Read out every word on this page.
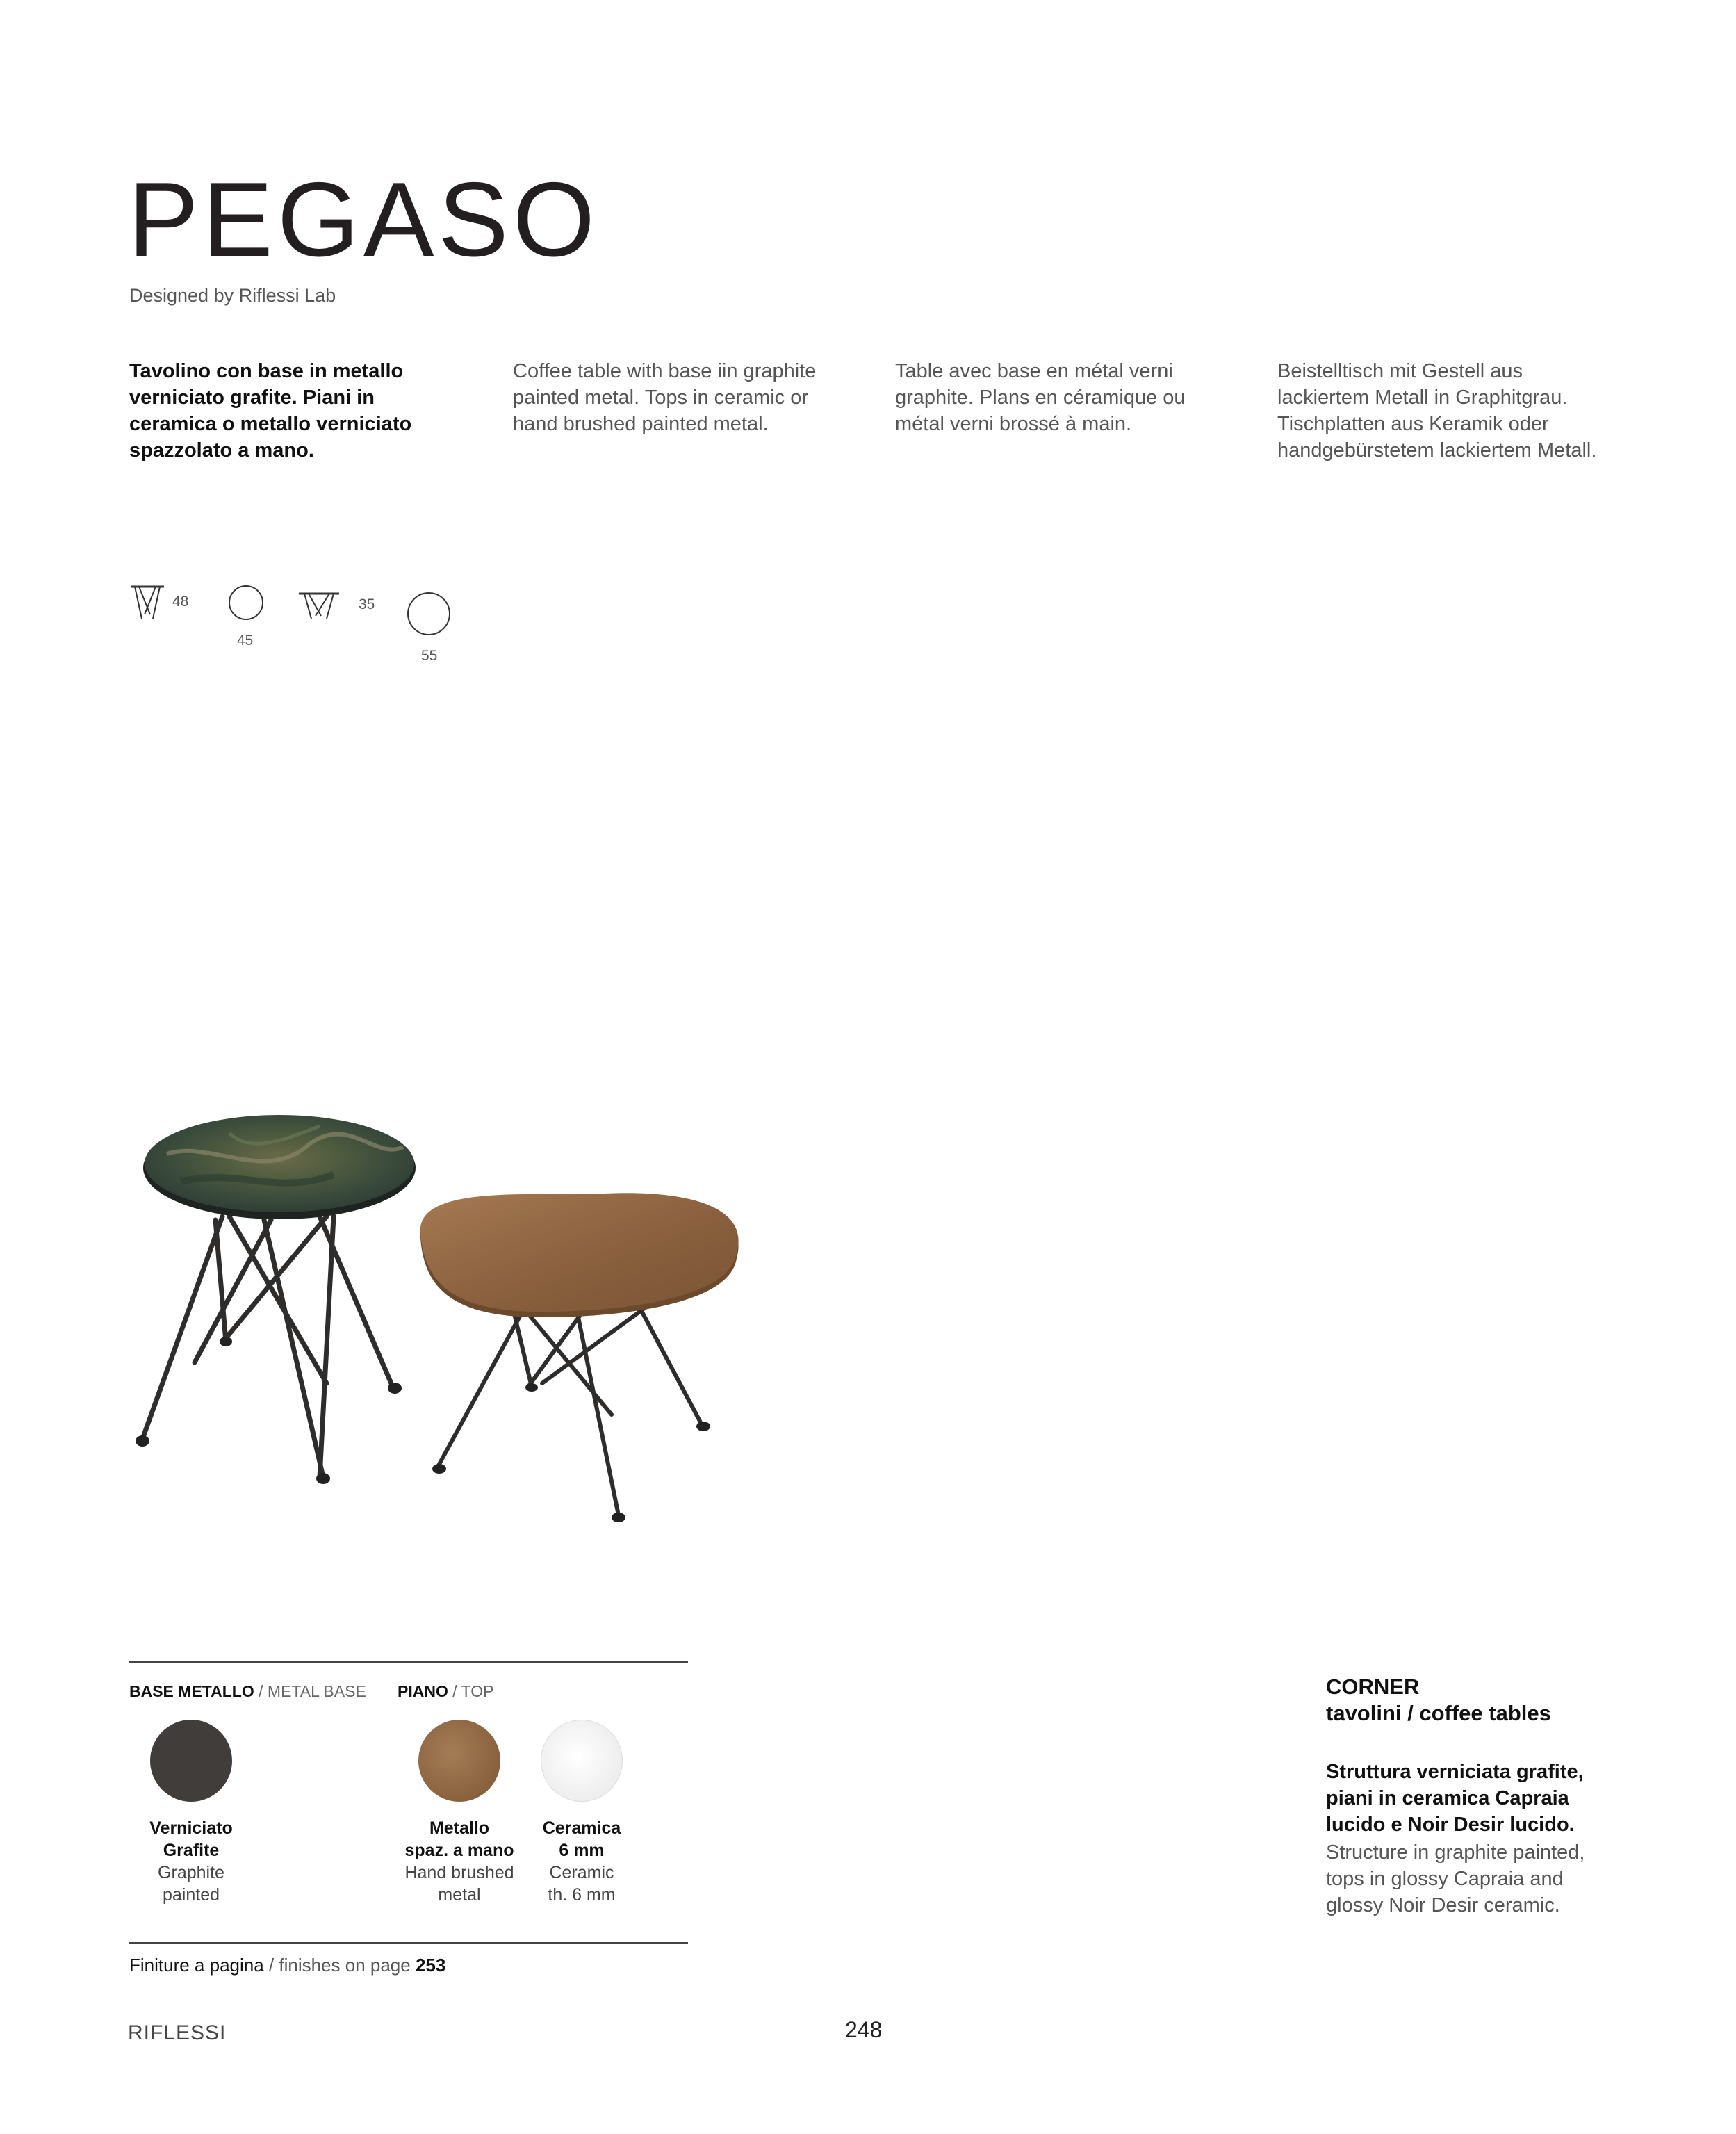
PEGASO
Designed by Riflessi Lab
Tavolino con base in metallo verniciato grafite. Piani in ceramica o metallo verniciato spazzolato a mano.
Coffee table with base iin graphite painted metal. Tops in ceramic or hand brushed painted metal.
Table avec base en métal verni graphite. Plans en céramique ou métal verni brossé à main.
Beistelltisch mit Gestell aus lackiertem Metall in Graphitgrau. Tischplatten aus Keramik oder handgebürstetem lackiertem Metall.
48
45
35
55
BASE METALLO / METAL BASE PIANO / TOP
Verniciato
Grafite
Graphite
painted
Metallo
spaz. a mano
Hand brushed
metal
Ceramica
6 mm
Ceramic
th. 6 mm
Finiture a pagina / finishes on page 253
CORNER
tavolini / coffee tables
Struttura verniciata grafite, piani in ceramica Capraia lucido e Noir Desir lucido.
Structure in graphite painted, tops in glossy Capraia and glossy Noir Desir ceramic.
RIFLESSI	248
